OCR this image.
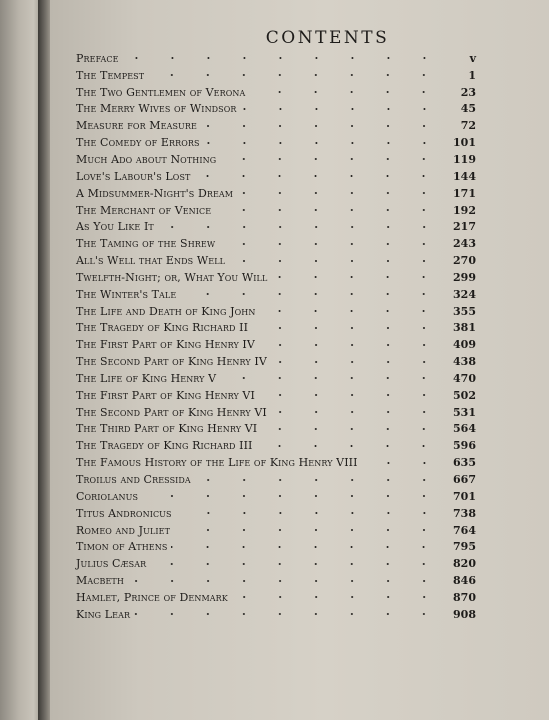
CONTENTS
Preface	v
The Tempest	1
The Two Gentlemen of Verona	23
The Merry Wives of Windsor	45
Measure for Measure	72
The Comedy of Errors	101
Much Ado about Nothing	119
Love's Labour's Lost	144
A Midsummer-Night's Dream	171
The Merchant of Venice	192
As You Like It	217
The Taming of the Shrew	243
All's Well that Ends Well	270
Twelfth-Night; or, What You Will	299
The Winter's Tale	324
The Life and Death of King John	355
The Tragedy of King Richard II	381
The First Part of King Henry IV	409
The Second Part of King Henry IV	438
The Life of King Henry V	470
The First Part of King Henry VI	502
The Second Part of King Henry VI	531
The Third Part of King Henry VI	564
The Tragedy of King Richard III	596
The Famous History of the Life of King Henry VIII	635
Troilus and Cressida	667
Coriolanus	701
Titus Andronicus	738
Romeo and Juliet	764
Timon of Athens	795
Julius Cæsar	820
Macbeth	846
Hamlet, Prince of Denmark	870
King Lear	908
